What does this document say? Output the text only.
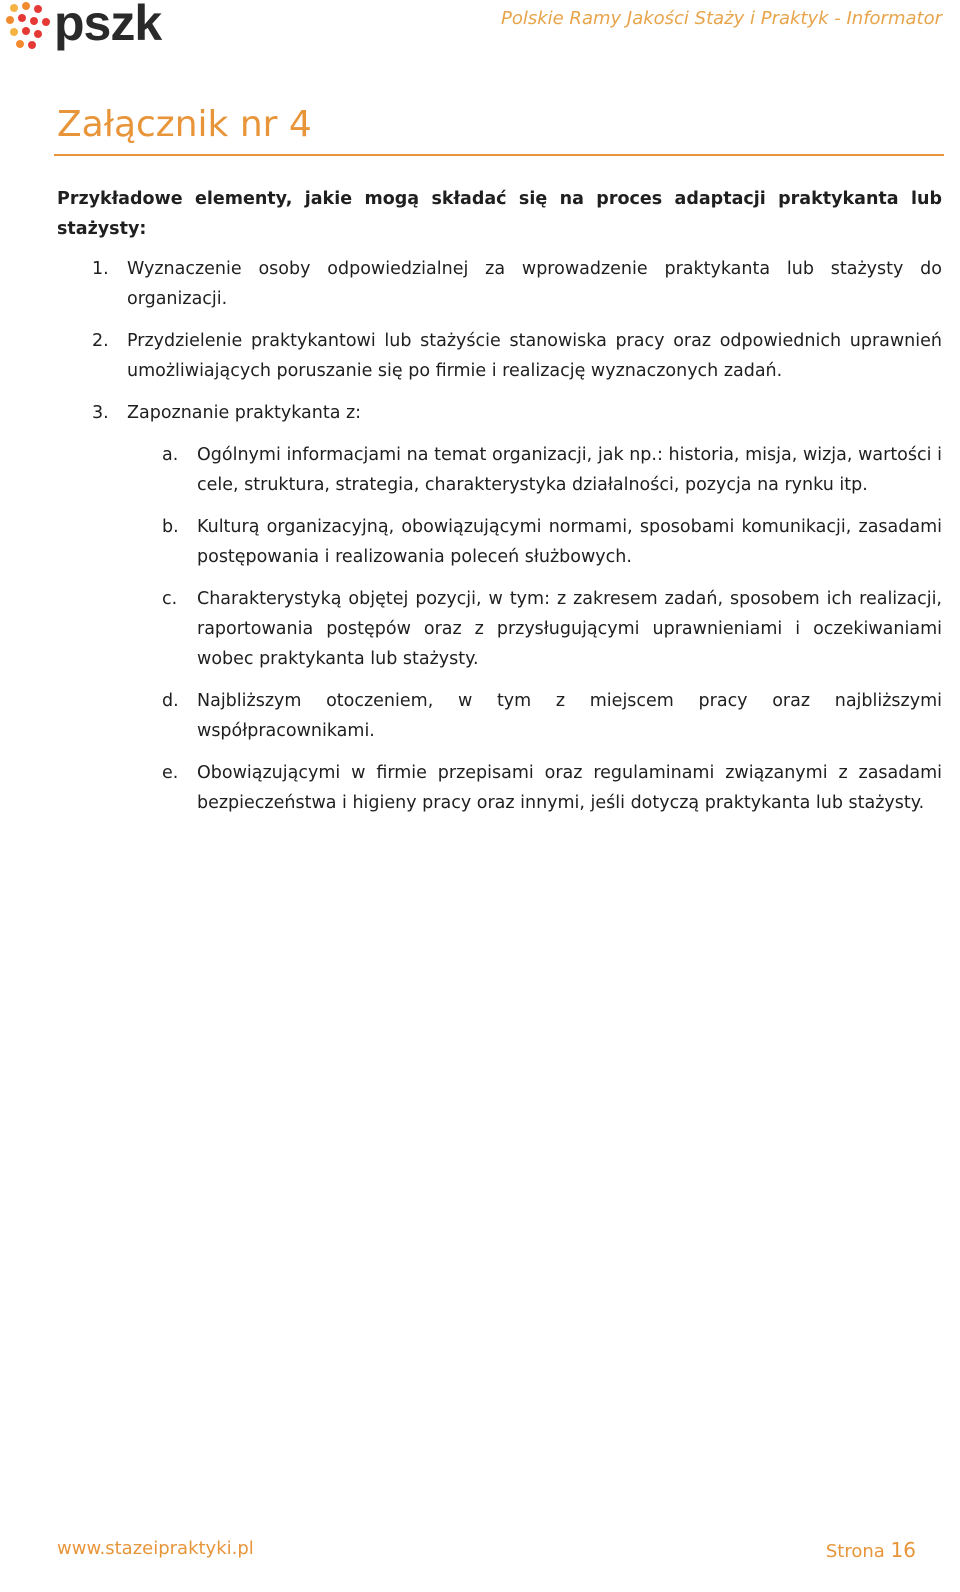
pszk	Polskie Ramy Jakości Staży i Praktyk - Informator
Załącznik nr 4

Przykładowe elementy, jakie mogą składać się na proces adaptacji praktykanta lub stażysty:

1. Wyznaczenie osoby odpowiedzialnej za wprowadzenie praktykanta lub stażysty do organizacji.
2. Przydzielenie praktykantowi lub stażyście stanowiska pracy oraz odpowiednich uprawnień umożliwiających poruszanie się po firmie i realizację wyznaczonych zadań.
3. Zapoznanie praktykanta z:
a. Ogólnymi informacjami na temat organizacji, jak np.: historia, misja, wizja, wartości i cele, struktura, strategia, charakterystyka działalności, pozycja na rynku itp.
b. Kulturą organizacyjną, obowiązującymi normami, sposobami komunikacji, zasadami postępowania i realizowania poleceń służbowych.
c. Charakterystyką objętej pozycji, w tym: z zakresem zadań, sposobem ich realizacji, raportowania postępów oraz z przysługującymi uprawnieniami i oczekiwaniami wobec praktykanta lub stażysty.
d. Najbliższym otoczeniem, w tym z miejscem pracy oraz najbliższymi współpracownikami.
e. Obowiązującymi w firmie przepisami oraz regulaminami związanymi z zasadami bezpieczeństwa i higieny pracy oraz innymi, jeśli dotyczą praktykanta lub stażysty.
www.stazeipraktyki.pl	Strona 16
